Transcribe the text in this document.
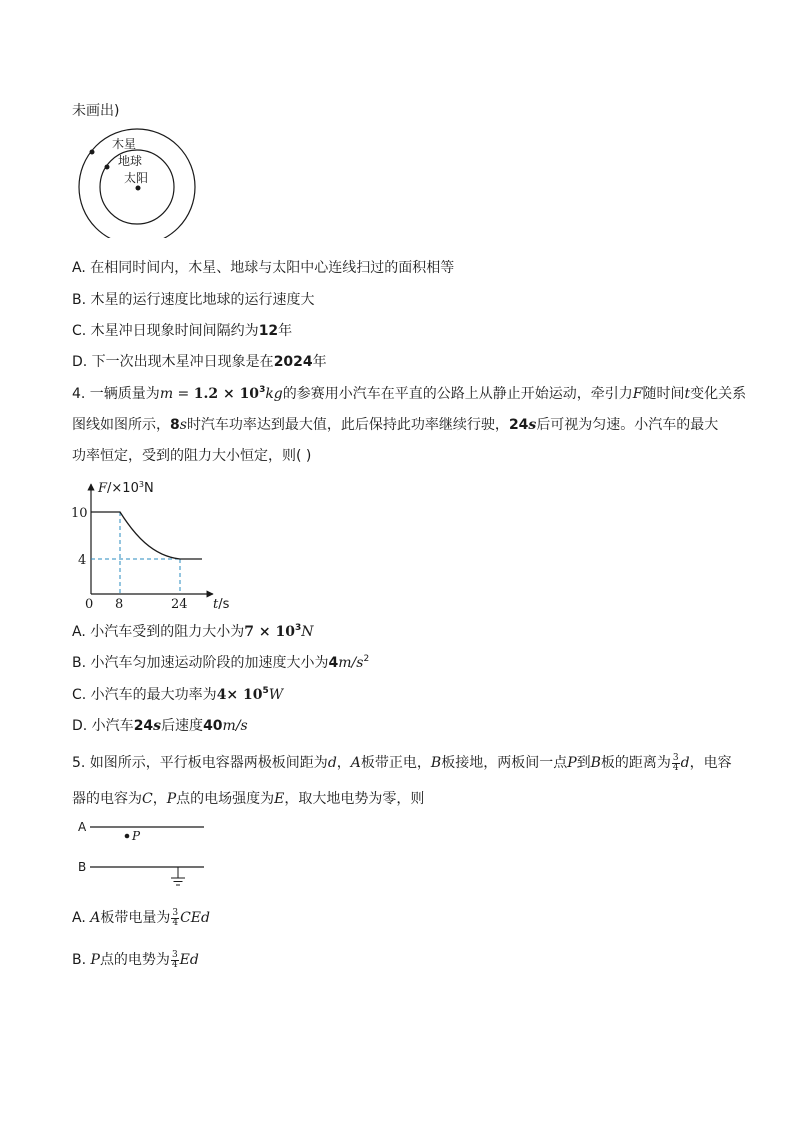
未画出)
木星
地球
太阳
A. 在相同时间内，木星、地球与太阳中心连线扫过的面积相等
B. 木星的运行速度比地球的运行速度大
C. 木星冲日现象时间间隔约为12年
D. 下一次出现木星冲日现象是在2024年
4. 一辆质量为$m = 1.2 \times 10^3kg$的参赛用小汽车在平直的公路上从静止开始运动，牵引力F随时间t变化关系
图线如图所示，8s时汽车功率达到最大值，此后保持此功率继续行驶，24s后可视为匀速。小汽车的最大
功率恒定，受到的阻力大小恒定，则( )
$F/\times 10^3N$
10
4
0 8	24 t/s
A. 小汽车受到的阻力大小为$7 \times 10^3N$
B. 小汽车匀加速运动阶段的加速度大小为$4m/s^2$
C. 小汽车的最大功率为$4\times 10^5W$
D. 小汽车24s后速度40m/s
5. 如图所示，平行板电容器两极板间距为d，A板带正电，B板接地，两板间一点P到B板的距离为 $\frac{3}{4}$ d，电容
器的电容为C，P点的电场强度为E，取大地电势为零，则
A
P
B
A. A板带电量为 $\frac{3}{4}$ CEd
B. P点的电势为 $\frac{3}{4}$ Ed
